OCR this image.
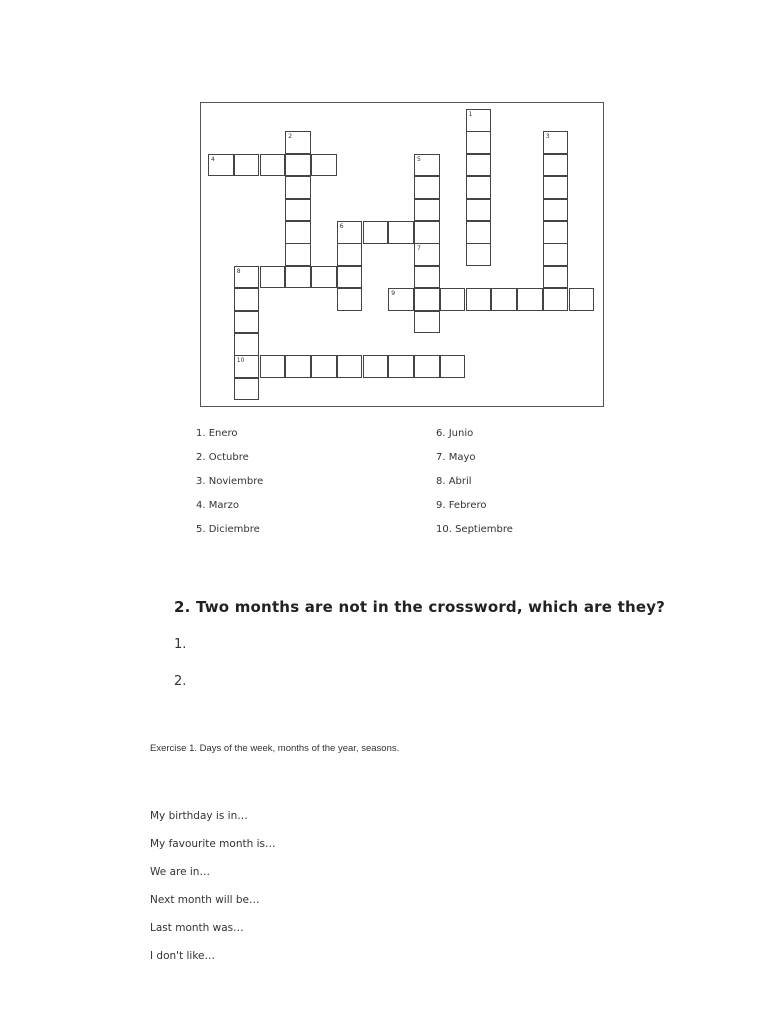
1
2	3
4	5
6
7
8
9
10
1. Enero
2. Octubre
3. Noviembre
4. Marzo
5. Diciembre
6. Junio
7. Mayo
8. Abril
9. Febrero
10. Septiembre
2. Two months are not in the crossword, which are they?
1.
2.
Exercise 1. Days of the week, months of the year, seasons.
My birthday is in…
My favourite month is…
We are in…
Next month will be…
Last month was…
I don't like…
